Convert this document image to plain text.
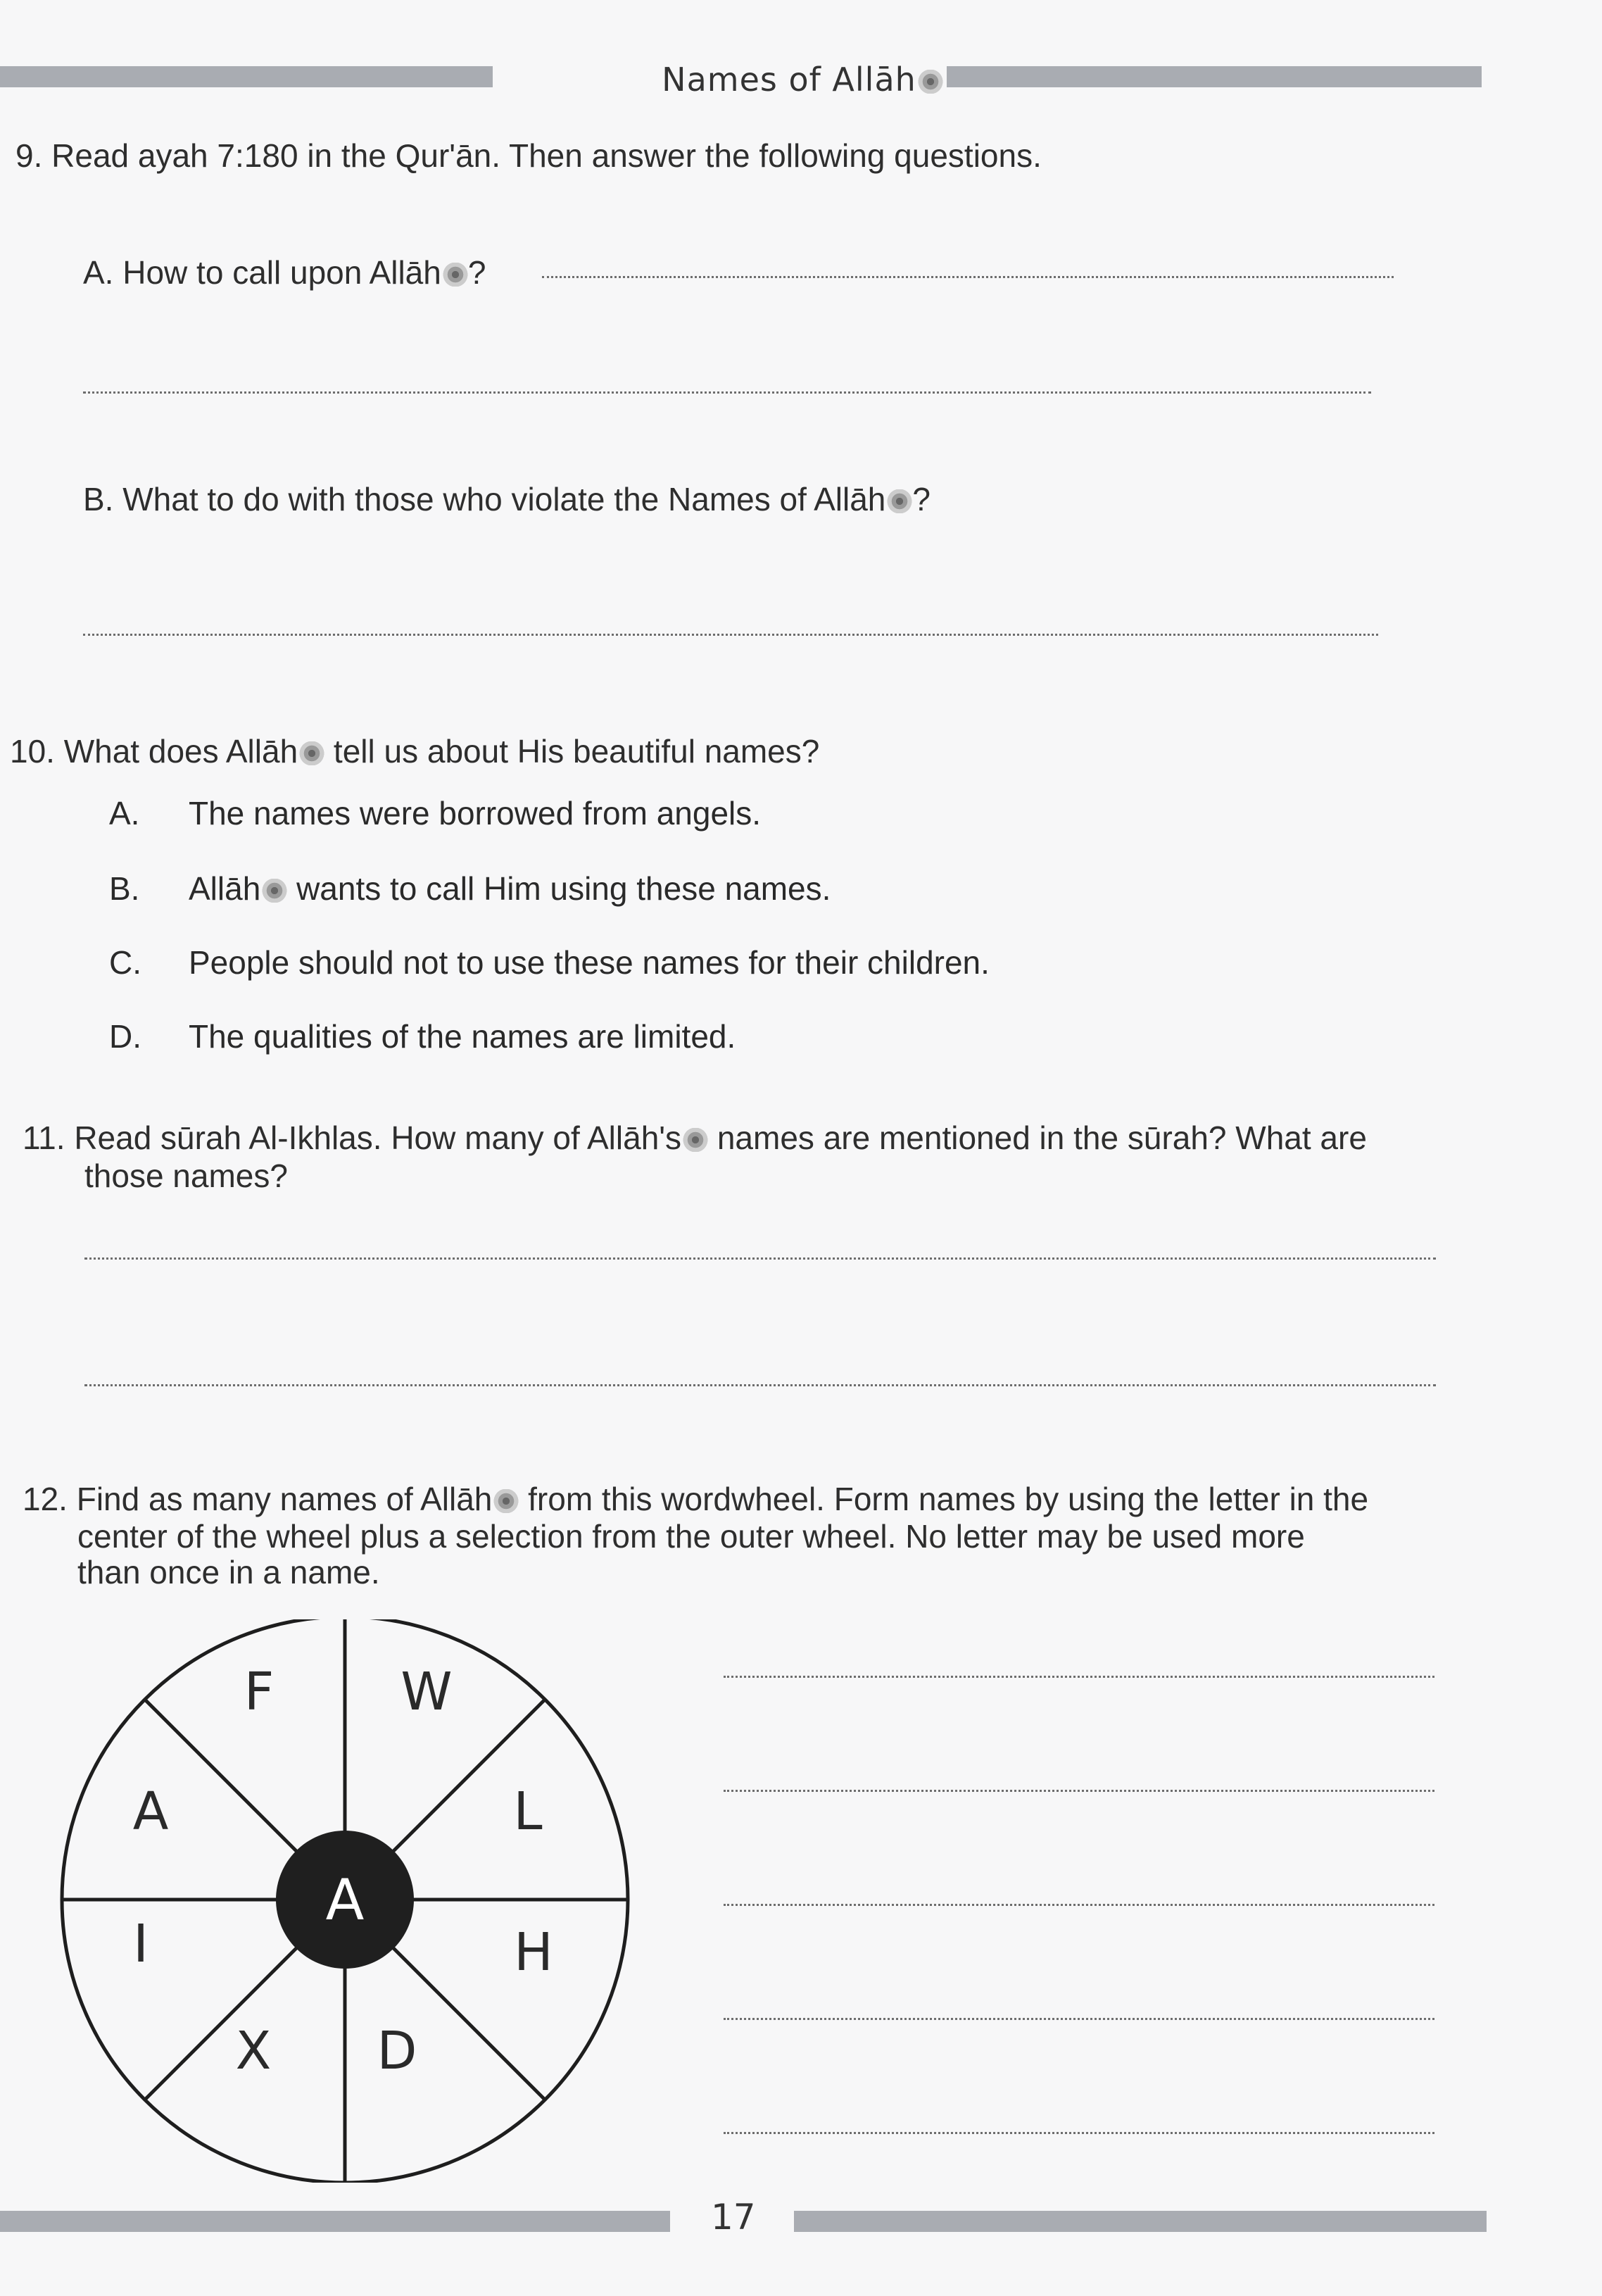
Names of Allāh
9. Read ayah 7:180 in the Qur'ān. Then answer the following questions.
A. How to call upon Allāh ?
B. What to do with those who violate the Names of Allāh ?
10. What does Allāh tell us about His beautiful names?
A. The names were borrowed from angels.
B. Allāh wants to call Him using these names.
C. People should not to use these names for their children.
D. The qualities of the names are limited.
11. Read sūrah Al-Ikhlas. How many of Allāh's names are mentioned in the sūrah? What are
those names?
12. Find as many names of Allāh from this wordwheel. Form names by using the letter in the
center of the wheel plus a selection from the outer wheel. No letter may be used more
than once in a name.
A
F W
L
H
D
X
I
A
17
